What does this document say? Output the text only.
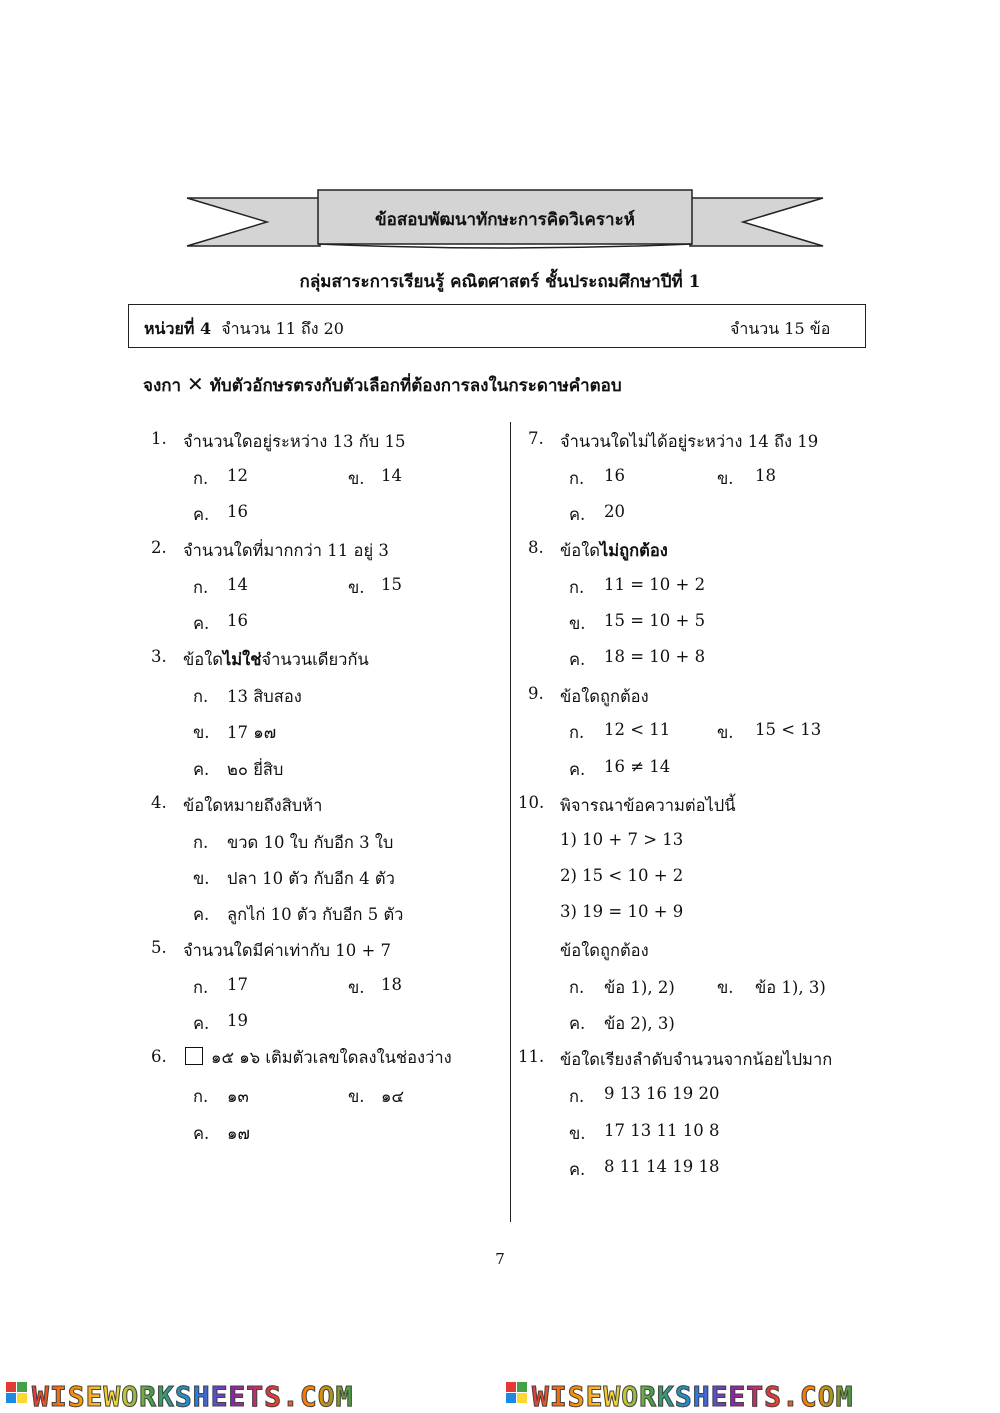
ข้อสอบพัฒนาทักษะการคิดวิเคราะห์
กลุ่มสาระการเรียนรู้ คณิตศาสตร์ ชั้นประถมศึกษาปีที่ 1
หน่วยที่ 4 จำนวน 11 ถึง 20	จำนวน 15 ข้อ
จงกา ✕ ทับตัวอักษรตรงกับตัวเลือกที่ต้องการลงในกระดาษคำตอบ
1. จำนวนใดอยู่ระหว่าง 13 กับ 15
ก. 12	ข. 14
ค. 16
2. จำนวนใดที่มากกว่า 11 อยู่ 3
ก. 14	ข. 15
ค. 16
3. ข้อใดไม่ใช่จำนวนเดียวกัน
ก. 13 สิบสอง
ข. 17 ๑๗
ค. ๒๐ ยี่สิบ
4. ข้อใดหมายถึงสิบห้า
ก. ขวด 10 ใบ กับอีก 3 ใบ
ข. ปลา 10 ตัว กับอีก 4 ตัว
ค. ลูกไก่ 10 ตัว กับอีก 5 ตัว
5. จำนวนใดมีค่าเท่ากับ 10 + 7
ก. 17	ข. 18
ค. 19
6.	๑๕ ๑๖ เติมตัวเลขใดลงในช่องว่าง
ก. ๑๓	ข. ๑๔
ค. ๑๗
7. จำนวนใดไม่ได้อยู่ระหว่าง 14 ถึง 19
ก. 16	ข. 18
ค. 20
8. ข้อใดไม่ถูกต้อง
ก. 11 = 10 + 2
ข. 15 = 10 + 5
ค. 18 = 10 + 8
9. ข้อใดถูกต้อง
ก. 12 < 11	ข. 15 < 13
ค. 16 ≠ 14
10. พิจารณาข้อความต่อไปนี้
1) 10 + 7 > 13
2) 15 < 10 + 2
3) 19 = 10 + 9
ข้อใดถูกต้อง
ก. ข้อ 1), 2)	ข. ข้อ 1), 3)
ค. ข้อ 2), 3)
11. ข้อใดเรียงลำดับจำนวนจากน้อยไปมาก
ก. 9 13 16 19 20
ข. 17 13 11 10 8
ค. 8 11 14 19 18
7
WISEWORKSHEETS.COM	WISEWORKSHEETS.COM
